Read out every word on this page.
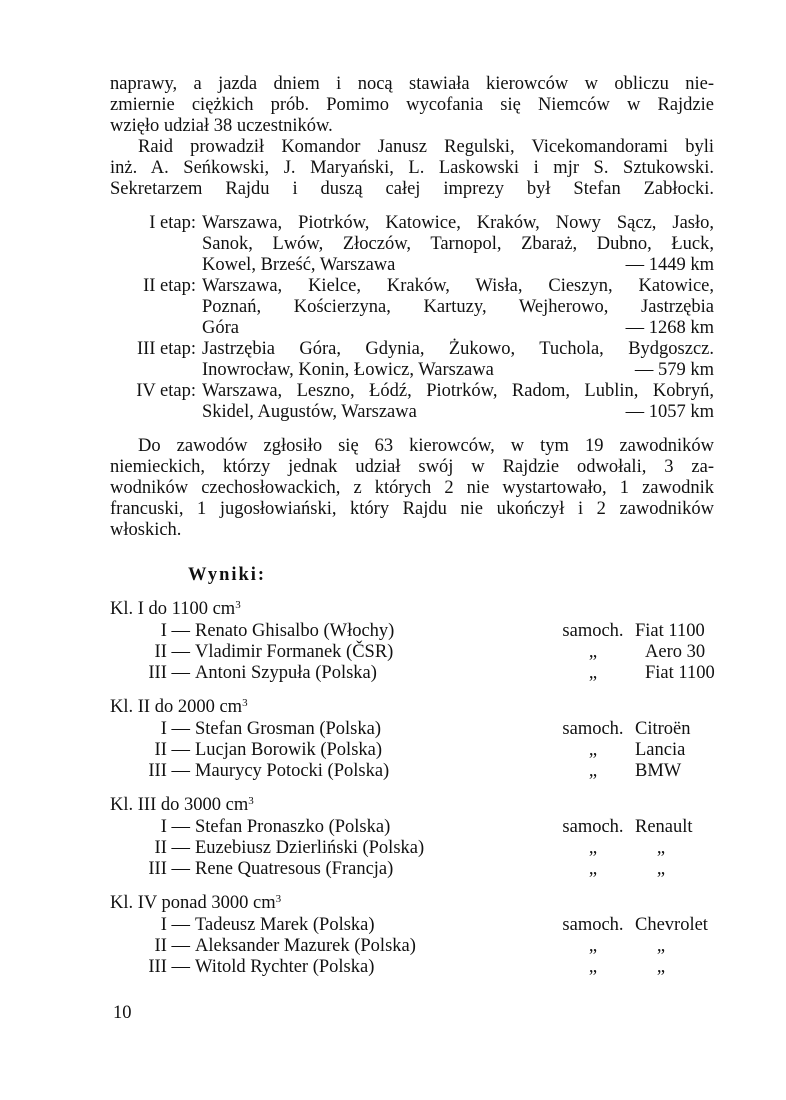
naprawy, a jazda dniem i nocą stawiała kierowców w obliczu nie-

zmiernie ciężkich prób. Pomimo wycofania się Niemców w Rajdzie

wzięło udział 38 uczestników.

Raid prowadził Komandor Janusz Regulski, Vicekomandorami byli

inż. A. Seńkowski, J. Maryański, L. Laskowski i mjr S. Sztukowski.

Sekretarzem Rajdu i duszą całej imprezy był Stefan Zabłocki.

I etap: Warszawa, Piotrków, Katowice, Kraków, Nowy Sącz, Jasło,
Sanok, Lwów, Złoczów, Tarnopol, Zbaraż, Dubno, Łuck,
Kowel, Brześć, Warszawa	— 1449 km
II etap: Warszawa, Kielce, Kraków, Wisła, Cieszyn, Katowice,
Poznań, Kościerzyna, Kartuzy, Wejherowo, Jastrzębia
Góra	— 1268 km
III etap: Jastrzębia Góra, Gdynia, Żukowo, Tuchola, Bydgoszcz.
Inowrocław, Konin, Łowicz, Warszawa	— 579 km
IV etap: Warszawa, Leszno, Łódź, Piotrków, Radom, Lublin, Kobryń,
Skidel, Augustów, Warszawa	— 1057 km

Do zawodów zgłosiło się 63 kierowców, w tym 19 zawodników

niemieckich, którzy jednak udział swój w Rajdzie odwołali, 3 za-

wodników czechosłowackich, z których 2 nie wystartowało, 1 zawodnik

francuski, 1 jugosłowiański, który Rajdu nie ukończył i 2 zawodników

włoskich.

Wyniki:
Kl. I do 1100 $cm^3$
I — Renato Ghisalbo (Włochy)	samoch. Fiat 1100
II — Vladimir Formanek (ČSR)	„	Aero 30
III — Antoni Szypuła (Polska)	„	Fiat 1100
Kl. II do 2000 $cm^3$
I — Stefan Grosman (Polska)	samoch. Citroën
II — Lucjan Borowik (Polska)	„	Lancia
III — Maurycy Potocki (Polska)	„	BMW
Kl. III do 3000 $cm^3$
I — Stefan Pronaszko (Polska)	samoch. Renault
II — Euzebiusz Dzierliński (Polska)	„	„
III — Rene Quatresous (Francja)	„	„
Kl. IV ponad 3000 $cm^3$
I — Tadeusz Marek (Polska)	samoch. Chevrolet
II — Aleksander Mazurek (Polska)	„	„
III — Witold Rychter (Polska)	„	„
10
